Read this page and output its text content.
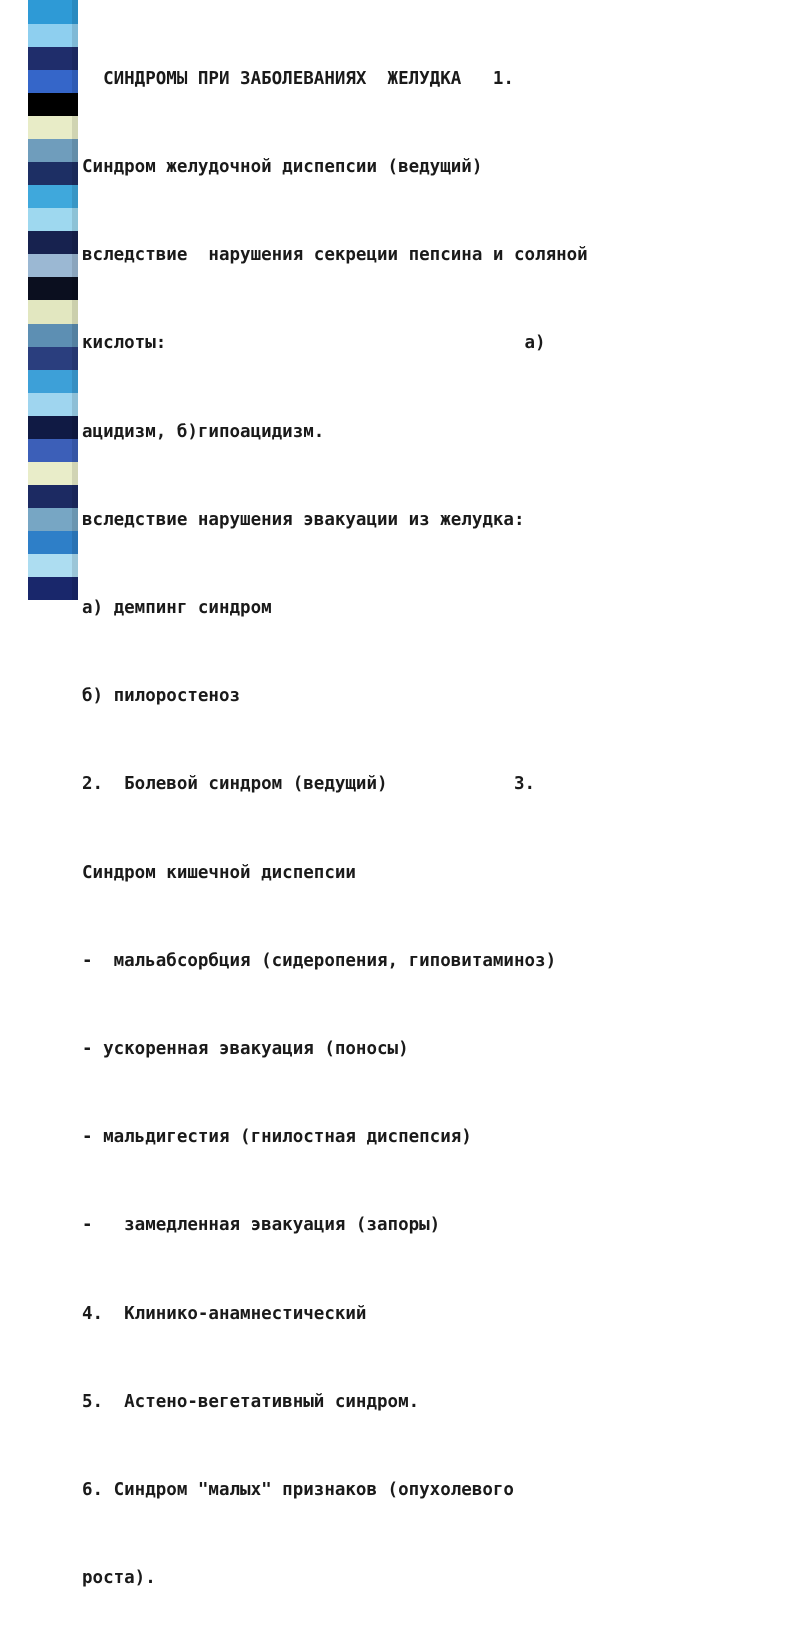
СИНДРОМЫ ПРИ ЗАБОЛЕВАНИЯХ  ЖЕЛУДКА   1.

Синдром желудочной диспепсии (ведущий)

вследствие  нарушения секреции пепсина и соляной

кислоты:                                  а)

ацидизм, б)гипоацидизм.

вследствие нарушения эвакуации из желудка:

а) демпинг синдром

б) пилоростеноз

2.  Болевой синдром (ведущий)            3.

Синдром кишечной диспепсии

-  мальабсорбция (сидеропения, гиповитаминоз)

- ускоренная эвакуация (поносы)

- мальдигестия (гнилостная диспепсия)

-   замедленная эвакуация (запоры)

4.  Клинико-анамнестический

5.  Астено-вегетативный синдром.

6. Синдром "малых" признаков (опухолевого

роста).
